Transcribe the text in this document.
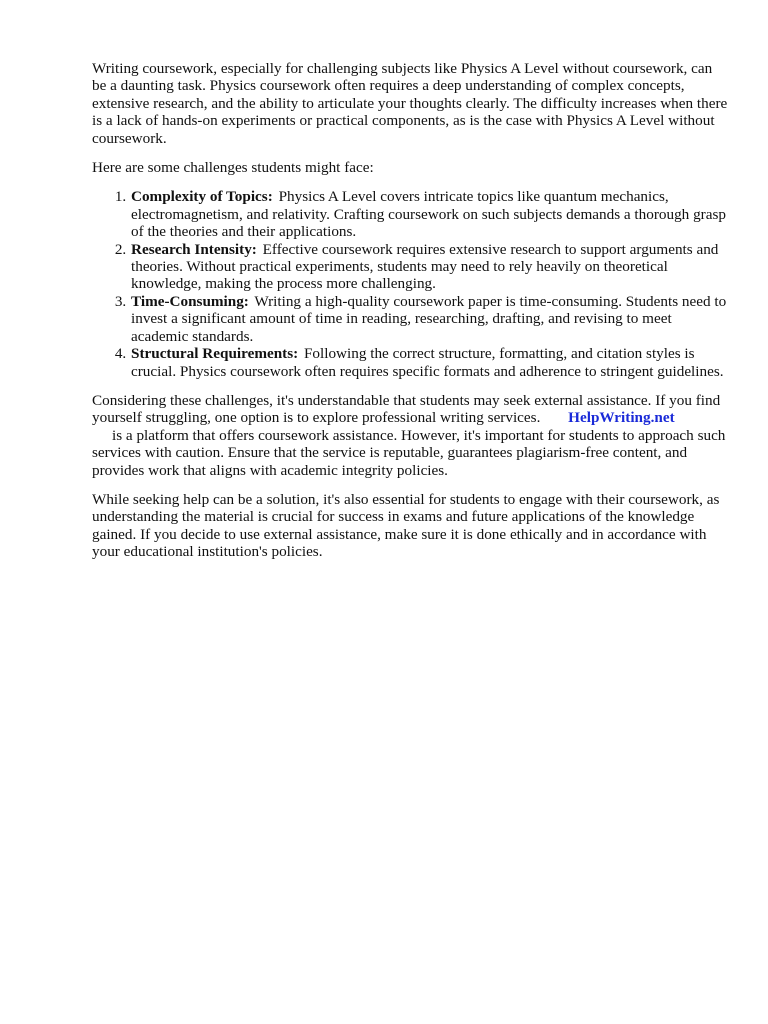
Writing coursework, especially for challenging subjects like Physics A Level without coursework, can be a daunting task. Physics coursework often requires a deep understanding of complex concepts, extensive research, and the ability to articulate your thoughts clearly. The difficulty increases when there is a lack of hands-on experiments or practical components, as is the case with Physics A Level without coursework.

Here are some challenges students might face:

1. Complexity of Topics: Physics A Level covers intricate topics like quantum mechanics, electromagnetism, and relativity. Crafting coursework on such subjects demands a thorough grasp of the theories and their applications.
2. Research Intensity: Effective coursework requires extensive research to support arguments and theories. Without practical experiments, students may need to rely heavily on theoretical knowledge, making the process more challenging.
3. Time-Consuming: Writing a high-quality coursework paper is time-consuming. Students need to invest a significant amount of time in reading, researching, drafting, and revising to meet academic standards.
4. Structural Requirements: Following the correct structure, formatting, and citation styles is crucial. Physics coursework often requires specific formats and adherence to stringent guidelines.

Considering these challenges, it's understandable that students may seek external assistance. If you find yourself struggling, one option is to explore professional writing services. HelpWriting.net
is a platform that offers coursework assistance. However, it's important for students to approach such services with caution. Ensure that the service is reputable, guarantees plagiarism-free content, and provides work that aligns with academic integrity policies.

While seeking help can be a solution, it's also essential for students to engage with their coursework, as understanding the material is crucial for success in exams and future applications of the knowledge gained. If you decide to use external assistance, make sure it is done ethically and in accordance with your educational institution's policies.
